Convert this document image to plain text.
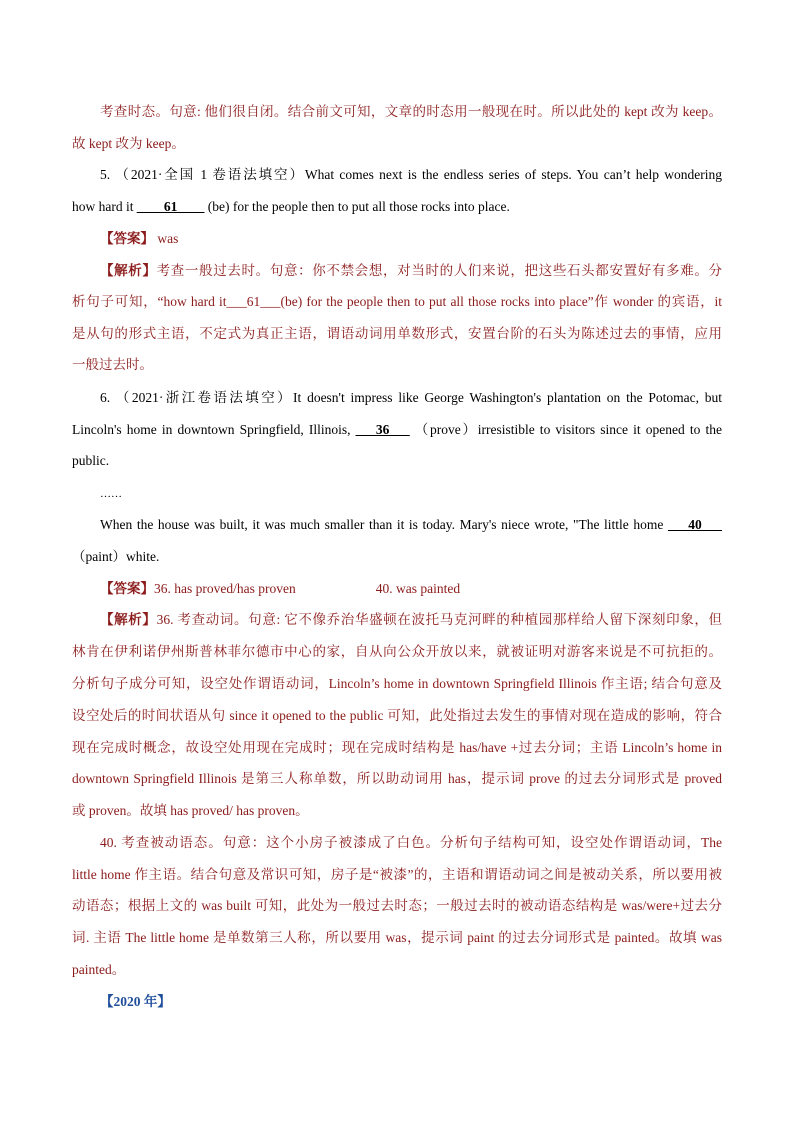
考查时态。句意: 他们很自闭。结合前文可知，文章的时态用一般现在时。所以此处的 kept 改为 keep。
故 kept 改为 keep。
5. （2021·全国 1 卷语法填空）What comes next is the endless series of steps. You can’t help wondering
how hard it ____61____ (be) for the people then to put all those rocks into place.
【答案】 was
【解析】考查一般过去时。句意：你不禁会想，对当时的人们来说，把这些石头都安置好有多难。分
析句子可知，“how hard it___61___(be) for the people then to put all those rocks into place”作 wonder 的宾语，it
是从句的形式主语，不定式为真正主语，谓语动词用单数形式，安置台阶的石头为陈述过去的事情，应用
一般过去时。
6. （2021·浙江卷语法填空）It doesn't impress like George Washington's plantation on the Potomac, but
Lincoln's home in downtown Springfield, Illinois, ___36___ （prove）irresistible to visitors since it opened to the
public.
……
When the house was built, it was much smaller than it is today. Mary's niece wrote, "The little home ___40___
（paint）white.
【答案】36. has proved/has proven	40. was painted
【解析】36. 考查动词。句意: 它不像乔治华盛顿在波托马克河畔的种植园那样给人留下深刻印象，但
林肯在伊利诺伊州斯普林菲尔德市中心的家，自从向公众开放以来，就被证明对游客来说是不可抗拒的。
分析句子成分可知，设空处作谓语动词，Lincoln’s home in downtown Springfield Illinois 作主语; 结合句意及
设空处后的时间状语从句 since it opened to the public 可知，此处指过去发生的事情对现在造成的影响，符合
现在完成时概念，故设空处用现在完成时；现在完成时结构是 has/have +过去分词；主语 Lincoln’s home in
downtown Springfield Illinois 是第三人称单数，所以助动词用 has，提示词 prove 的过去分词形式是 proved
或 proven。故填 has proved/ has proven。
40. 考查被动语态。句意：这个小房子被漆成了白色。分析句子结构可知，设空处作谓语动词，The
little home 作主语。结合句意及常识可知，房子是“被漆”的，主语和谓语动词之间是被动关系，所以要用被
动语态；根据上文的 was built 可知，此处为一般过去时态；一般过去时的被动语态结构是 was/were+过去分
词. 主语 The little home 是单数第三人称，所以要用 was，提示词 paint 的过去分词形式是 painted。故填 was
painted。
【2020 年】
